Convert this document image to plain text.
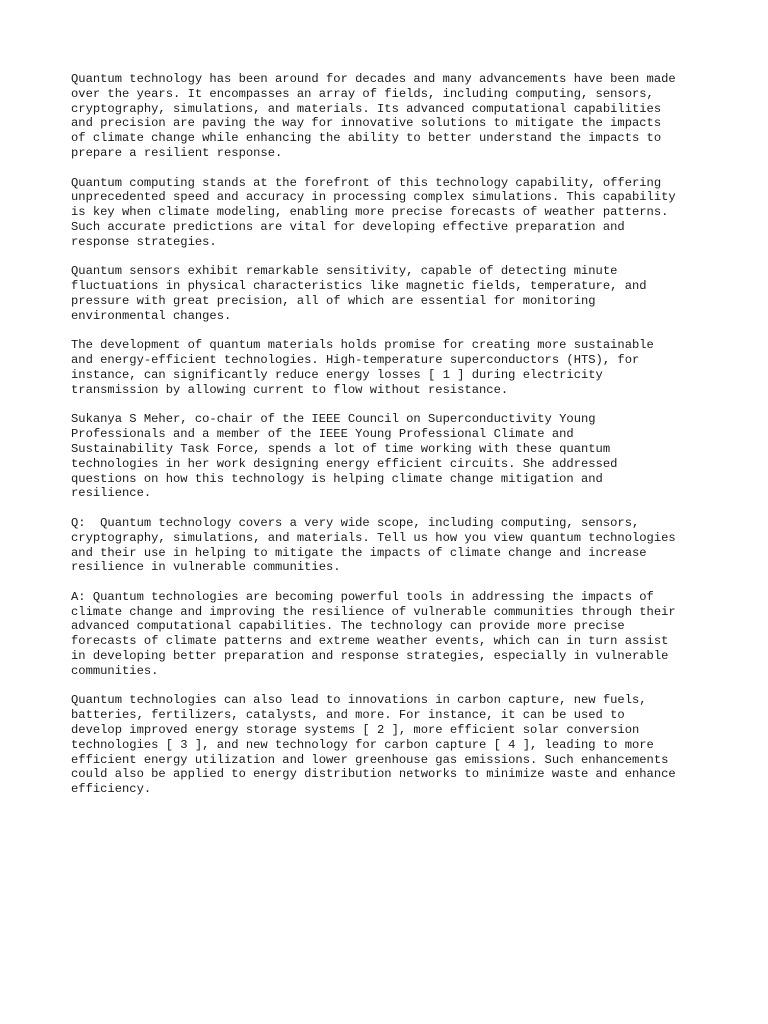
Quantum technology has been around for decades and many advancements have been made
over the years. It encompasses an array of fields, including computing, sensors,
cryptography, simulations, and materials. Its advanced computational capabilities
and precision are paving the way for innovative solutions to mitigate the impacts
of climate change while enhancing the ability to better understand the impacts to
prepare a resilient response.

Quantum computing stands at the forefront of this technology capability, offering
unprecedented speed and accuracy in processing complex simulations. This capability
is key when climate modeling, enabling more precise forecasts of weather patterns.
Such accurate predictions are vital for developing effective preparation and
response strategies.

Quantum sensors exhibit remarkable sensitivity, capable of detecting minute
fluctuations in physical characteristics like magnetic fields, temperature, and
pressure with great precision, all of which are essential for monitoring
environmental changes.

The development of quantum materials holds promise for creating more sustainable
and energy-efficient technologies. High-temperature superconductors (HTS), for
instance, can significantly reduce energy losses [ 1 ] during electricity
transmission by allowing current to flow without resistance.

Sukanya S Meher, co-chair of the IEEE Council on Superconductivity Young
Professionals and a member of the IEEE Young Professional Climate and
Sustainability Task Force, spends a lot of time working with these quantum
technologies in her work designing energy efficient circuits. She addressed
questions on how this technology is helping climate change mitigation and
resilience.

Q:  Quantum technology covers a very wide scope, including computing, sensors,
cryptography, simulations, and materials. Tell us how you view quantum technologies
and their use in helping to mitigate the impacts of climate change and increase
resilience in vulnerable communities.

A: Quantum technologies are becoming powerful tools in addressing the impacts of
climate change and improving the resilience of vulnerable communities through their
advanced computational capabilities. The technology can provide more precise
forecasts of climate patterns and extreme weather events, which can in turn assist
in developing better preparation and response strategies, especially in vulnerable
communities.

Quantum technologies can also lead to innovations in carbon capture, new fuels,
batteries, fertilizers, catalysts, and more. For instance, it can be used to
develop improved energy storage systems [ 2 ], more efficient solar conversion
technologies [ 3 ], and new technology for carbon capture [ 4 ], leading to more
efficient energy utilization and lower greenhouse gas emissions. Such enhancements
could also be applied to energy distribution networks to minimize waste and enhance
efficiency.
